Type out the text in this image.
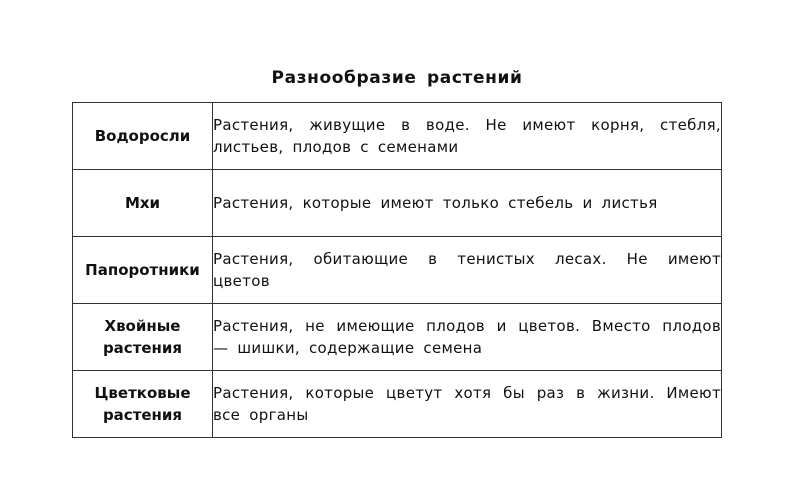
Разнообразие растений
Водоросли	Растения, живущие в воде. Не имеют корня, стебля, листьев, плодов с семенами
Мхи	Растения, которые имеют только стебель и листья
Папоротники	Растения, обитающие в тенистых лесах. Не имеют цветов
Хвойные растения	Растения, не имеющие плодов и цветов. Вместо плодов — шишки, содержащие семена
Цветковые растения	Растения, которые цветут хотя бы раз в жизни. Имеют все органы
